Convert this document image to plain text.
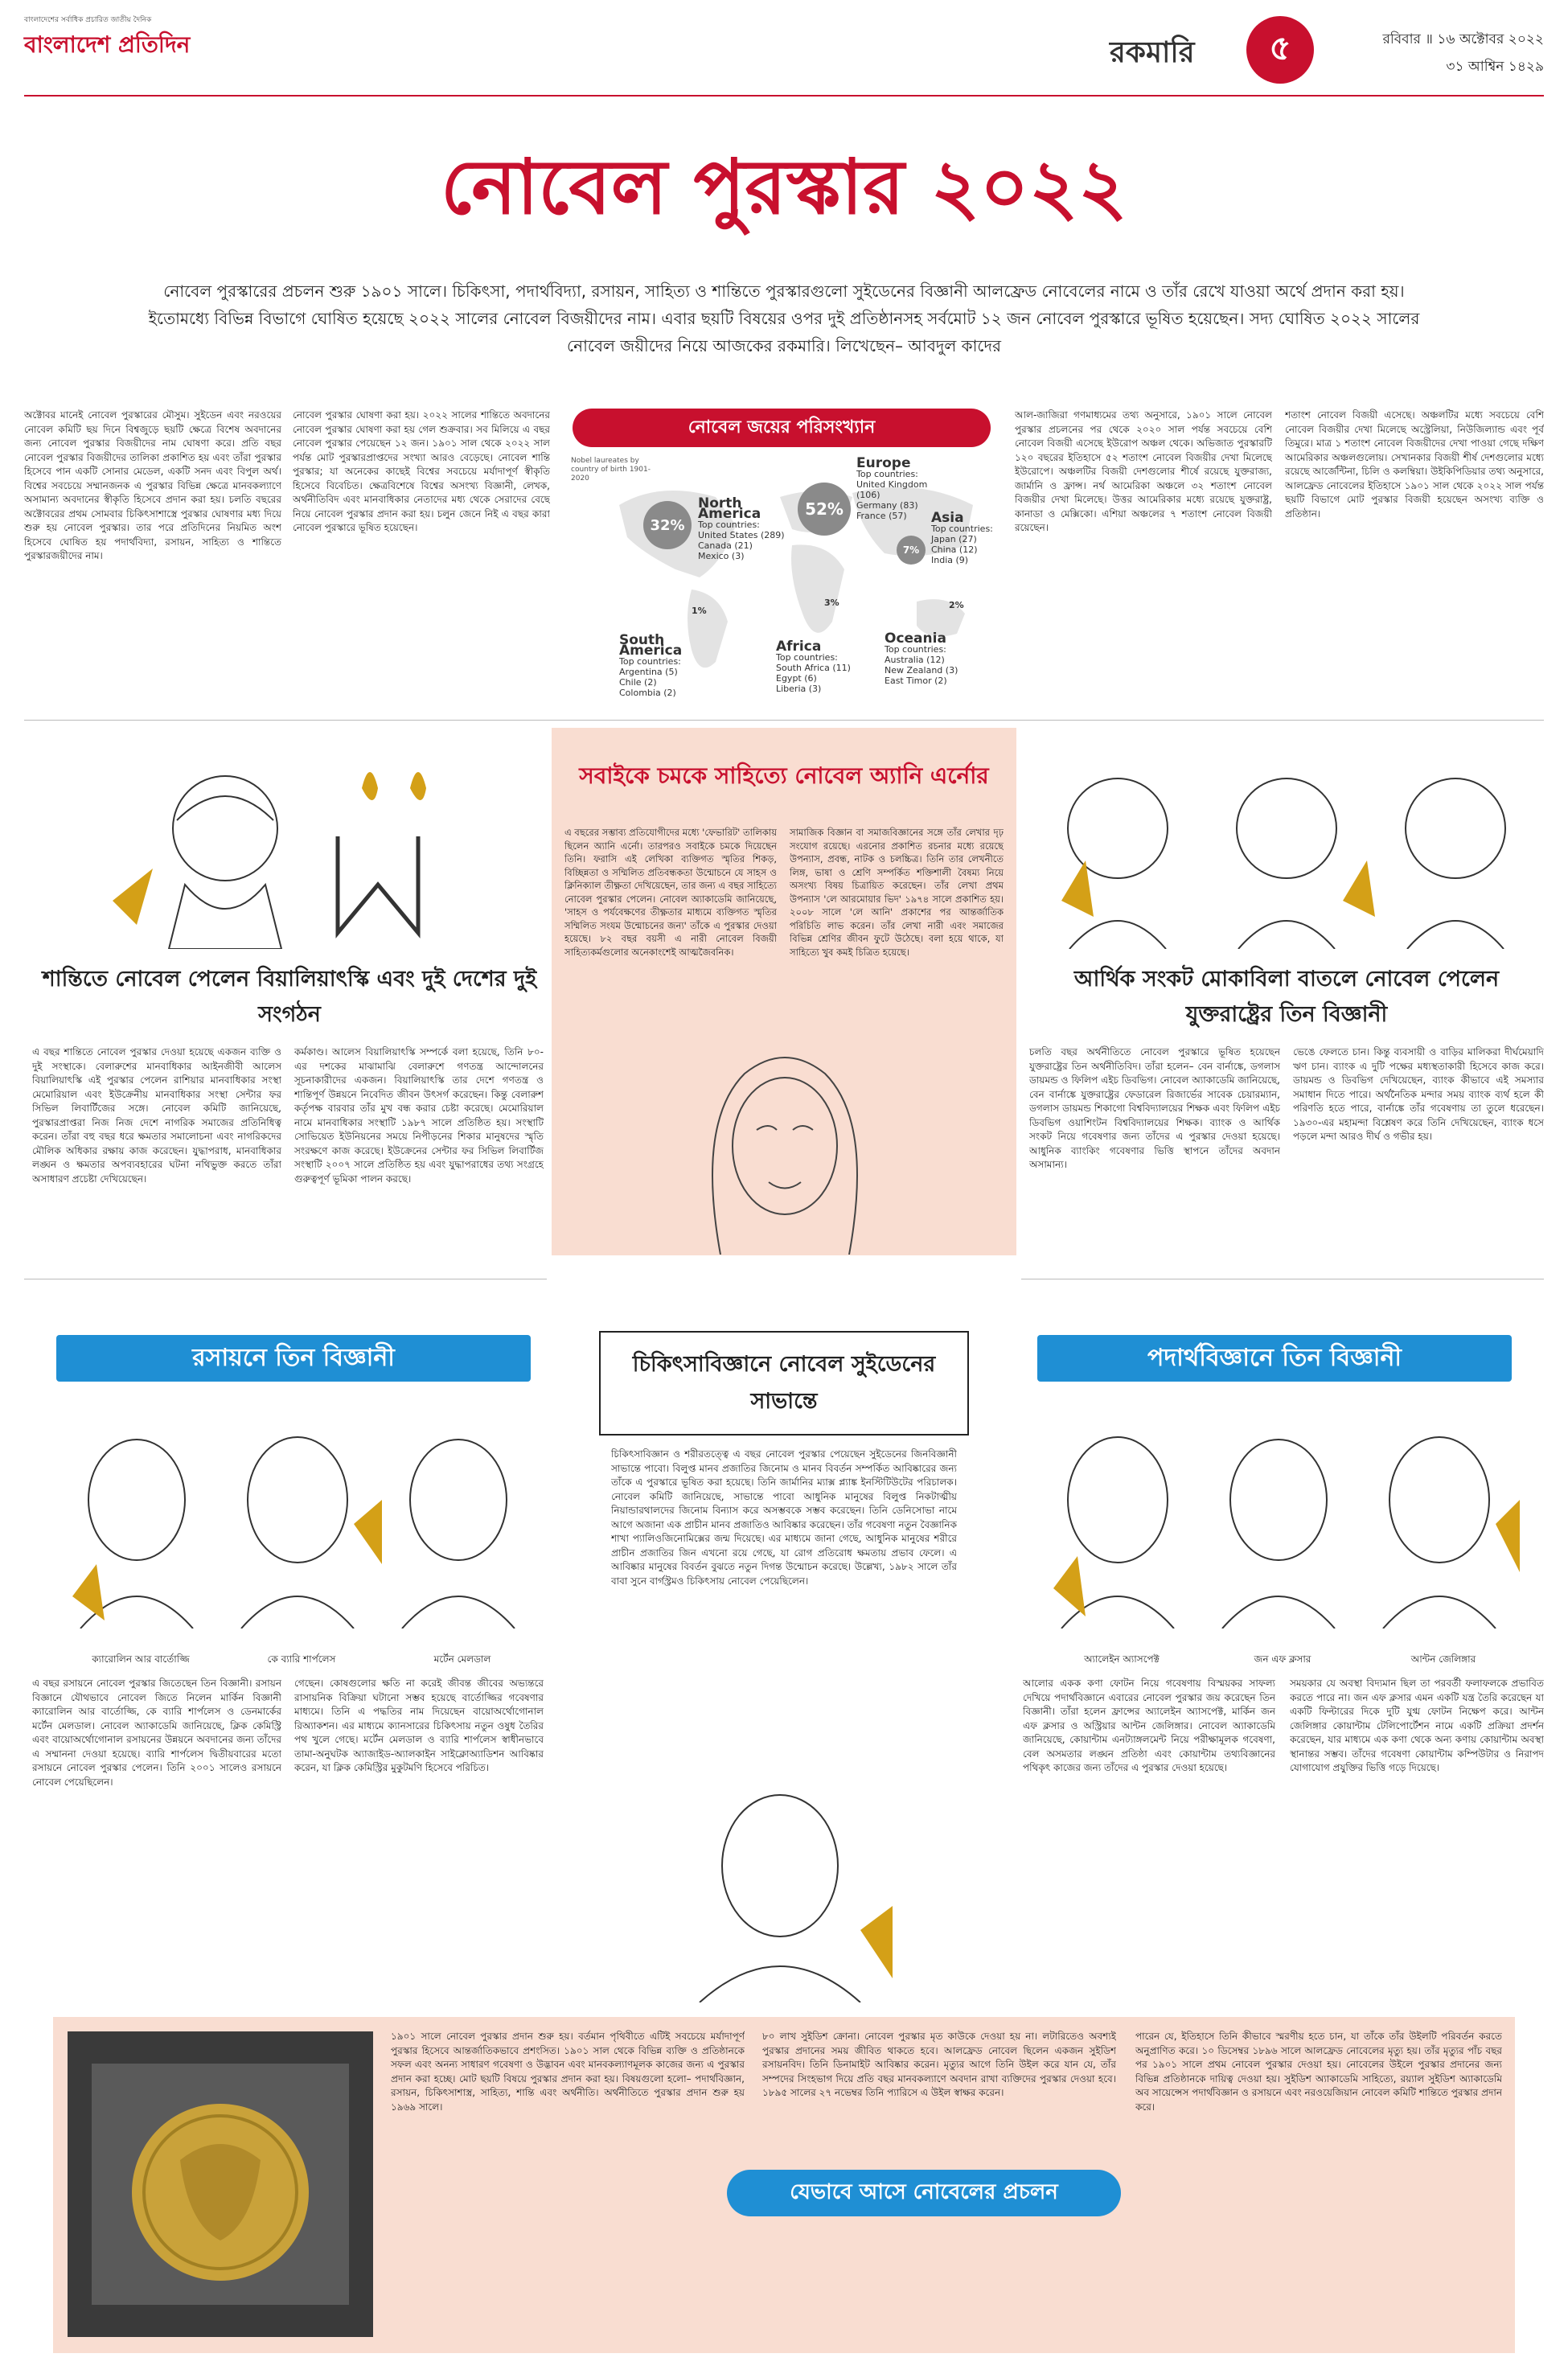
বাংলাদেশের সর্বাধিক প্রচারিত জাতীয় দৈনিক
বাংলাদেশ প্রতিদিন	রকমারি	৫	রবিবার ॥ ১৬ অক্টোবর ২০২২
৩১ আশ্বিন ১৪২৯
নোবেল পুরস্কার ২০২২
নোবেল পুরস্কারের প্রচলন শুরু ১৯০১ সালে। চিকিৎসা, পদার্থবিদ্যা, রসায়ন, সাহিত্য ও শান্তিতে পুরস্কারগুলো সুইডেনের বিজ্ঞানী আলফ্রেড নোবেলের নামে ও তাঁর রেখে যাওয়া অর্থে প্রদান করা হয়। ইতোমধ্যে বিভিন্ন বিভাগে ঘোষিত হয়েছে ২০২২ সালের নোবেল বিজয়ীদের নাম। এবার ছয়টি বিষয়ের ওপর দুই প্রতিষ্ঠানসহ সর্বমোট ১২ জন নোবেল পুরস্কারে ভূষিত হয়েছেন। সদ্য ঘোষিত ২০২২ সালের নোবেল জয়ীদের নিয়ে আজকের রকমারি। লিখেছেন– আবদুল কাদের
অক্টোবর মানেই নোবেল পুরস্কারের মৌসুম। সুইডেন এবং নরওয়ের নোবেল কমিটি ছয় দিনে বিশ্বজুড়ে ছয়টি ক্ষেত্রে বিশেষ অবদানের জন্য নোবেল পুরস্কার বিজয়ীদের নাম ঘোষণা করে। প্রতি বছর নোবেল পুরস্কার বিজয়ীদের তালিকা প্রকাশিত হয় এবং তাঁরা পুরস্কার হিসেবে পান একটি সোনার মেডেল, একটি সনদ এবং বিপুল অর্থ। বিশ্বের সবচেয়ে সম্মানজনক এ পুরস্কার বিভিন্ন ক্ষেত্রে মানবকল্যাণে অসামান্য অবদানের স্বীকৃতি হিসেবে প্রদান করা হয়। চলতি বছরের অক্টোবরের প্রথম সোমবার চিকিৎসাশাস্ত্রে পুরস্কার ঘোষণার মধ্য দিয়ে শুরু হয় নোবেল পুরস্কার। তার পরে প্রতিদিনের নিয়মিত অংশ হিসেবে ঘোষিত হয় পদার্থবিদ্যা, রসায়ন, সাহিত্য ও শান্তিতে পুরস্কারজয়ীদের নাম।
নোবেল পুরস্কার ঘোষণা করা হয়। ২০২২ সালের শান্তিতে অবদানের নোবেল পুরস্কার ঘোষণা করা হয় গেল শুক্রবার। সব মিলিয়ে এ বছর নোবেল পুরস্কার পেয়েছেন ১২ জন। ১৯০১ সাল থেকে ২০২২ সাল পর্যন্ত মোট পুরস্কারপ্রাপ্তদের সংখ্যা আরও বেড়েছে। নোবেল শান্তি পুরস্কার; যা অনেকের কাছেই বিশ্বের সবচেয়ে মর্যাদাপূর্ণ স্বীকৃতি হিসেবে বিবেচিত। ক্ষেত্রবিশেষে বিশ্বের অসংখ্য বিজ্ঞানী, লেখক, অর্থনীতিবিদ এবং মানবাধিকার নেতাদের মধ্য থেকে সেরাদের বেছে নিয়ে নোবেল পুরস্কার প্রদান করা হয়। চলুন জেনে নিই এ বছর কারা নোবেল পুরস্কারে ভূষিত হয়েছেন।
আল-জাজিরা গণমাধ্যমের তথ্য অনুসারে, ১৯০১ সালে নোবেল পুরস্কার প্রচলনের পর থেকে ২০২০ সাল পর্যন্ত সবচেয়ে বেশি নোবেল বিজয়ী এসেছে ইউরোপ অঞ্চল থেকে। অভিজাত পুরস্কারটি ১২০ বছরের ইতিহাসে ৫২ শতাংশ নোবেল বিজয়ীর দেখা মিলেছে ইউরোপে। অঞ্চলটির বিজয়ী দেশগুলোর শীর্ষে রয়েছে যুক্তরাজ্য, জার্মানি ও ফ্রান্স। নর্থ আমেরিকা অঞ্চলে ৩২ শতাংশ নোবেল বিজয়ীর দেখা মিলেছে। উত্তর আমেরিকার মধ্যে রয়েছে যুক্তরাষ্ট্র, কানাডা ও মেক্সিকো। এশিয়া অঞ্চলের ৭ শতাংশ নোবেল বিজয়ী রয়েছেন।
শতাংশ নোবেল বিজয়ী এসেছে। অঞ্চলটির মধ্যে সবচেয়ে বেশি নোবেল বিজয়ীর দেখা মিলেছে অস্ট্রেলিয়া, নিউজিল্যান্ড এবং পূর্ব তিমুরে। মাত্র ১ শতাংশ নোবেল বিজয়ীদের দেখা পাওয়া গেছে দক্ষিণ আমেরিকার অঞ্চলগুলোয়। সেখানকার বিজয়ী শীর্ষ দেশগুলোর মধ্যে রয়েছে আর্জেন্টিনা, চিলি ও কলম্বিয়া। উইকিপিডিয়ার তথ্য অনুসারে, আলফ্রেড নোবেলের ইতিহাসে ১৯০১ সাল থেকে ২০২২ সাল পর্যন্ত ছয়টি বিভাগে মোট পুরস্কার বিজয়ী হয়েছেন অসংখ্য ব্যক্তি ও প্রতিষ্ঠান।
নোবেল জয়ের পরিসংখ্যান
Nobel laureates by country of birth 1901-2020
32%
52%
7%
1%
3%	2%
North America
Top countries:
United States (289)
Canada (21)
Mexico (3)
Europe
Top countries:
United Kingdom (106)
Germany (83)
France (57)	Asia
Top countries:
Japan (27)
China (12)
India (9)
South America
Top countries:
Argentina (5)
Chile (2)
Colombia (2)
Africa
Top countries:
South Africa (11)
Egypt (6)
Liberia (3)
Oceania
Top countries:
Australia (12)
New Zealand (3)
East Timor (2)
শান্তিতে নোবেল পেলেন বিয়ালিয়াৎস্কি এবং দুই দেশের দুই সংগঠন
এ বছর শান্তিতে নোবেল পুরস্কার দেওয়া হয়েছে একজন ব্যক্তি ও দুই সংস্থাকে। বেলারুশের মানবাধিকার আইনজীবী আলেস বিয়ালিয়াৎস্কি এই পুরস্কার পেলেন রাশিয়ার মানবাধিকার সংস্থা মেমোরিয়াল এবং ইউক্রেনীয় মানবাধিকার সংস্থা সেন্টার ফর সিভিল লিবার্টিজের সঙ্গে। নোবেল কমিটি জানিয়েছে, পুরস্কারপ্রাপ্তরা নিজ নিজ দেশে নাগরিক সমাজের প্রতিনিধিত্ব করেন। তাঁরা বহু বছর ধরে ক্ষমতার সমালোচনা এবং নাগরিকদের মৌলিক অধিকার রক্ষায় কাজ করেছেন। যুদ্ধাপরাধ, মানবাধিকার লঙ্ঘন ও ক্ষমতার অপব্যবহারের ঘটনা নথিভুক্ত করতে তাঁরা অসাধারণ প্রচেষ্টা দেখিয়েছেন।
কর্মকাণ্ড। আলেস বিয়ালিয়াৎস্কি সম্পর্কে বলা হয়েছে, তিনি ৮০-এর দশকের মাঝামাঝি বেলারুশে গণতন্ত্র আন্দোলনের সূচনাকারীদের একজন। বিয়ালিয়াৎস্কি তার দেশে গণতন্ত্র ও শান্তিপূর্ণ উন্নয়নে নিবেদিত জীবন উৎসর্গ করেছেন। কিন্তু বেলারুশ কর্তৃপক্ষ বারবার তাঁর মুখ বন্ধ করার চেষ্টা করেছে। মেমোরিয়াল নামে মানবাধিকার সংস্থাটি ১৯৮৭ সালে প্রতিষ্ঠিত হয়। সংস্থাটি সোভিয়েত ইউনিয়নের সময়ে নিপীড়নের শিকার মানুষদের স্মৃতি সংরক্ষণে কাজ করেছে। ইউক্রেনের সেন্টার ফর সিভিল লিবার্টিজ সংস্থাটি ২০০৭ সালে প্রতিষ্ঠিত হয় এবং যুদ্ধাপরাধের তথ্য সংগ্রহে গুরুত্বপূর্ণ ভূমিকা পালন করছে।
সবাইকে চমকে সাহিত্যে নোবেল অ্যানি এর্নোর
এ বছরের সম্ভাব্য প্রতিযোগীদের মধ্যে 'ফেভারিট' তালিকায় ছিলেন অ্যানি এর্নো। তারপরও সবাইকে চমকে দিয়েছেন তিনি। ফরাসি এই লেখিকা ব্যক্তিগত স্মৃতির শিকড়, বিচ্ছিন্নতা ও সম্মিলিত প্রতিবন্ধকতা উন্মোচনে যে সাহস ও ক্লিনিক্যাল তীক্ষ্ণতা দেখিয়েছেন, তার জন্য এ বছর সাহিত্যে নোবেল পুরস্কার পেলেন। নোবেল অ্যাকাডেমি জানিয়েছে, 'সাহস ও পর্যবেক্ষণের তীক্ষ্ণতার মাধ্যমে ব্যক্তিগত স্মৃতির সম্মিলিত সংযম উন্মোচনের জন্য' তাঁকে এ পুরস্কার দেওয়া হয়েছে। ৮২ বছর বয়সী এ নারী নোবেল বিজয়ী সাহিত্যকর্মগুলোর অনেকাংশেই আত্মজৈবনিক।
সামাজিক বিজ্ঞান বা সমাজবিজ্ঞানের সঙ্গে তাঁর লেখার দৃঢ় সংযোগ রয়েছে। এরনোর প্রকাশিত রচনার মধ্যে রয়েছে উপন্যাস, প্রবন্ধ, নাটক ও চলচ্চিত্র। তিনি তার লেখনীতে লিঙ্গ, ভাষা ও শ্রেণি সম্পর্কিত শক্তিশালী বৈষম্য নিয়ে অসংখ্য বিষয় চিত্রায়িত করেছেন। তাঁর লেখা প্রথম উপন্যাস 'লে আরমোয়ার ভিদ' ১৯৭৪ সালে প্রকাশিত হয়। ২০০৮ সালে 'লে আনি' প্রকাশের পর আন্তর্জাতিক পরিচিতি লাভ করেন। তাঁর লেখা নারী এবং সমাজের বিভিন্ন শ্রেণির জীবন ফুটে উঠেছে। বলা হয়ে থাকে, যা সাহিত্যে খুব কমই চিত্রিত হয়েছে।
আর্থিক সংকট মোকাবিলা বাতলে নোবেল পেলেন যুক্তরাষ্ট্রের তিন বিজ্ঞানী
চলতি বছর অর্থনীতিতে নোবেল পুরস্কারে ভূষিত হয়েছেন যুক্তরাষ্ট্রের তিন অর্থনীতিবিদ। তাঁরা হলেন– বেন বার্নাঙ্কে, ডগলাস ডায়মন্ড ও ফিলিপ এইচ ডিবভিগ। নোবেল অ্যাকাডেমি জানিয়েছে, বেন বার্নাঙ্কে যুক্তরাষ্ট্রের ফেডারেল রিজার্ভের সাবেক চেয়ারম্যান, ডগলাস ডায়মন্ড শিকাগো বিশ্ববিদ্যালয়ের শিক্ষক এবং ফিলিপ এইচ ডিবভিগ ওয়াশিংটন বিশ্ববিদ্যালয়ের শিক্ষক। ব্যাংক ও আর্থিক সংকট নিয়ে গবেষণার জন্য তাঁদের এ পুরস্কার দেওয়া হয়েছে। আধুনিক ব্যাংকিং গবেষণার ভিত্তি স্থাপনে তাঁদের অবদান অসামান্য।
ভেঙে ফেলতে চান। কিন্তু ব্যবসায়ী ও বাড়ির মালিকরা দীর্ঘমেয়াদি ঋণ চান। ব্যাংক এ দুটি পক্ষের মধ্যস্থতাকারী হিসেবে কাজ করে। ডায়মন্ড ও ডিবভিগ দেখিয়েছেন, ব্যাংক কীভাবে এই সমস্যার সমাধান দিতে পারে। অর্থনৈতিক মন্দার সময় ব্যাংক ব্যর্থ হলে কী পরিণতি হতে পারে, বার্নাঙ্কে তাঁর গবেষণায় তা তুলে ধরেছেন। ১৯৩০-এর মহামন্দা বিশ্লেষণ করে তিনি দেখিয়েছেন, ব্যাংক ধসে পড়লে মন্দা আরও দীর্ঘ ও গভীর হয়।
রসায়নে তিন বিজ্ঞানী
ক্যারোলিন আর বার্তোজ্জি	কে ব্যারি শার্পলেস	মর্টেন মেলডাল
এ বছর রসায়নে নোবেল পুরস্কার জিতেছেন তিন বিজ্ঞানী। রসায়ন বিজ্ঞানে যৌথভাবে নোবেল জিতে নিলেন মার্কিন বিজ্ঞানী ক্যারোলিন আর বার্তোজ্জি, কে ব্যারি শার্পলেস ও ডেনমার্কের মর্টেন মেলডাল। নোবেল অ্যাকাডেমি জানিয়েছে, ক্লিক কেমিস্ট্রি এবং বায়োঅর্থোগোনাল রসায়নের উন্নয়নে অবদানের জন্য তাঁদের এ সম্মাননা দেওয়া হয়েছে। ব্যারি শার্পলেস দ্বিতীয়বারের মতো রসায়নে নোবেল পুরস্কার পেলেন। তিনি ২০০১ সালেও রসায়নে নোবেল পেয়েছিলেন।
গেছেন। কোষগুলোর ক্ষতি না করেই জীবন্ত জীবের অভ্যন্তরে রাসায়নিক বিক্রিয়া ঘটানো সম্ভব হয়েছে বার্তোজ্জির গবেষণার মাধ্যমে। তিনি এ পদ্ধতির নাম দিয়েছেন বায়োঅর্থোগোনাল রিঅ্যাকশন। এর মাধ্যমে ক্যানসারের চিকিৎসায় নতুন ওষুধ তৈরির পথ খুলে গেছে। মর্টেন মেলডাল ও ব্যারি শার্পলেস স্বাধীনভাবে তামা-অনুঘটক অ্যাজাইড-অ্যালকাইন সাইক্লোঅ্যাডিশন আবিষ্কার করেন, যা ক্লিক কেমিস্ট্রির মুকুটমণি হিসেবে পরিচিত।
চিকিৎসাবিজ্ঞানে নোবেল সুইডেনের সাভান্তে
চিকিৎসাবিজ্ঞান ও শরীরতত্ত্বে এ বছর নোবেল পুরস্কার পেয়েছেন সুইডেনের জিনবিজ্ঞানী সাভান্তে পাবো। বিলুপ্ত মানব প্রজাতির জিনোম ও মানব বিবর্তন সম্পর্কিত আবিষ্কারের জন্য তাঁকে এ পুরস্কারে ভূষিত করা হয়েছে। তিনি জার্মানির ম্যাক্স প্ল্যাঙ্ক ইনস্টিটিউটের পরিচালক। নোবেল কমিটি জানিয়েছে, সাভান্তে পাবো আধুনিক মানুষের বিলুপ্ত নিকটাত্মীয় নিয়ান্ডারথালদের জিনোম বিন্যাস করে অসম্ভবকে সম্ভব করেছেন। তিনি ডেনিসোভা নামে আগে অজানা এক প্রাচীন মানব প্রজাতিও আবিষ্কার করেছেন। তাঁর গবেষণা নতুন বৈজ্ঞানিক শাখা প্যালিওজিনোমিক্সের জন্ম দিয়েছে। এর মাধ্যমে জানা গেছে, আধুনিক মানুষের শরীরে প্রাচীন প্রজাতির জিন এখনো রয়ে গেছে, যা রোগ প্রতিরোধ ক্ষমতায় প্রভাব ফেলে। এ আবিষ্কার মানুষের বিবর্তন বুঝতে নতুন দিগন্ত উন্মোচন করেছে। উল্লেখ্য, ১৯৮২ সালে তাঁর বাবা সুনে বার্গস্ট্রমও চিকিৎসায় নোবেল পেয়েছিলেন।
পদার্থবিজ্ঞানে তিন বিজ্ঞানী
অ্যালেইন অ্যাসপেক্ট	জন এফ ক্লসার	আন্টন জেলিঙ্গার
আলোর একক কণা ফোটন নিয়ে গবেষণায় বিস্ময়কর সাফল্য দেখিয়ে পদার্থবিজ্ঞানে এবারের নোবেল পুরস্কার জয় করেছেন তিন বিজ্ঞানী। তাঁরা হলেন ফ্রান্সের অ্যালেইন অ্যাসপেক্ট, মার্কিন জন এফ ক্লসার ও অস্ট্রিয়ার আন্টন জেলিঙ্গার। নোবেল অ্যাকাডেমি জানিয়েছে, কোয়ান্টাম এনট্যাঙ্গলমেন্ট নিয়ে পরীক্ষামূলক গবেষণা, বেল অসমতার লঙ্ঘন প্রতিষ্ঠা এবং কোয়ান্টাম তথ্যবিজ্ঞানের পথিকৃৎ কাজের জন্য তাঁদের এ পুরস্কার দেওয়া হয়েছে।
সময়কার যে অবস্থা বিদ্যমান ছিল তা পরবর্তী ফলাফলকে প্রভাবিত করতে পারে না। জন এফ ক্লসার এমন একটি যন্ত্র তৈরি করেছেন যা একটি ফিল্টারের দিকে দুটি যুগ্ম ফোটন নিক্ষেপ করে। আন্টন জেলিঙ্গার কোয়ান্টাম টেলিপোর্টেশন নামে একটি প্রক্রিয়া প্রদর্শন করেছেন, যার মাধ্যমে এক কণা থেকে অন্য কণায় কোয়ান্টাম অবস্থা স্থানান্তর সম্ভব। তাঁদের গবেষণা কোয়ান্টাম কম্পিউটার ও নিরাপদ যোগাযোগ প্রযুক্তির ভিত্তি গড়ে দিয়েছে।
১৯০১ সালে নোবেল পুরস্কার প্রদান শুরু হয়। বর্তমান পৃথিবীতে এটিই সবচেয়ে মর্যাদাপূর্ণ পুরস্কার হিসেবে আন্তর্জাতিকভাবে প্রশংসিত। ১৯০১ সাল থেকে বিভিন্ন ব্যক্তি ও প্রতিষ্ঠানকে সফল এবং অনন্য সাধারণ গবেষণা ও উদ্ভাবন এবং মানবকল্যাণমূলক কাজের জন্য এ পুরস্কার প্রদান করা হচ্ছে। মোট ছয়টি বিষয়ে পুরস্কার প্রদান করা হয়। বিষয়গুলো হলো– পদার্থবিজ্ঞান, রসায়ন, চিকিৎসাশাস্ত্র, সাহিত্য, শান্তি এবং অর্থনীতি। অর্থনীতিতে পুরস্কার প্রদান শুরু হয় ১৯৬৯ সালে।
৮০ লাখ সুইডিশ ক্রোনা। নোবেল পুরস্কার মৃত কাউকে দেওয়া হয় না। লটারিতেও অবশ্যই পুরস্কার প্রদানের সময় জীবিত থাকতে হবে। আলফ্রেড নোবেল ছিলেন একজন সুইডিশ রসায়নবিদ। তিনি ডিনামাইট আবিষ্কার করেন। মৃত্যুর আগে তিনি উইল করে যান যে, তাঁর সম্পদের সিংহভাগ দিয়ে প্রতি বছর মানবকল্যাণে অবদান রাখা ব্যক্তিদের পুরস্কার দেওয়া হবে। ১৮৯৫ সালের ২৭ নভেম্বর তিনি প্যারিসে এ উইল স্বাক্ষর করেন।
যেভাবে আসে নোবেলের প্রচলন
পারেন যে, ইতিহাসে তিনি কীভাবে স্মরণীয় হতে চান, যা তাঁকে তাঁর উইলটি পরিবর্তন করতে অনুপ্রাণিত করে। ১০ ডিসেম্বর ১৮৯৬ সালে আলফ্রেড নোবেলের মৃত্যু হয়। তাঁর মৃত্যুর পাঁচ বছর পর ১৯০১ সালে প্রথম নোবেল পুরস্কার দেওয়া হয়। নোবেলের উইলে পুরস্কার প্রদানের জন্য বিভিন্ন প্রতিষ্ঠানকে দায়িত্ব দেওয়া হয়। সুইডিশ অ্যাকাডেমি সাহিত্যে, রয়্যাল সুইডিশ অ্যাকাডেমি অব সায়েন্সেস পদার্থবিজ্ঞান ও রসায়নে এবং নরওয়েজিয়ান নোবেল কমিটি শান্তিতে পুরস্কার প্রদান করে।
